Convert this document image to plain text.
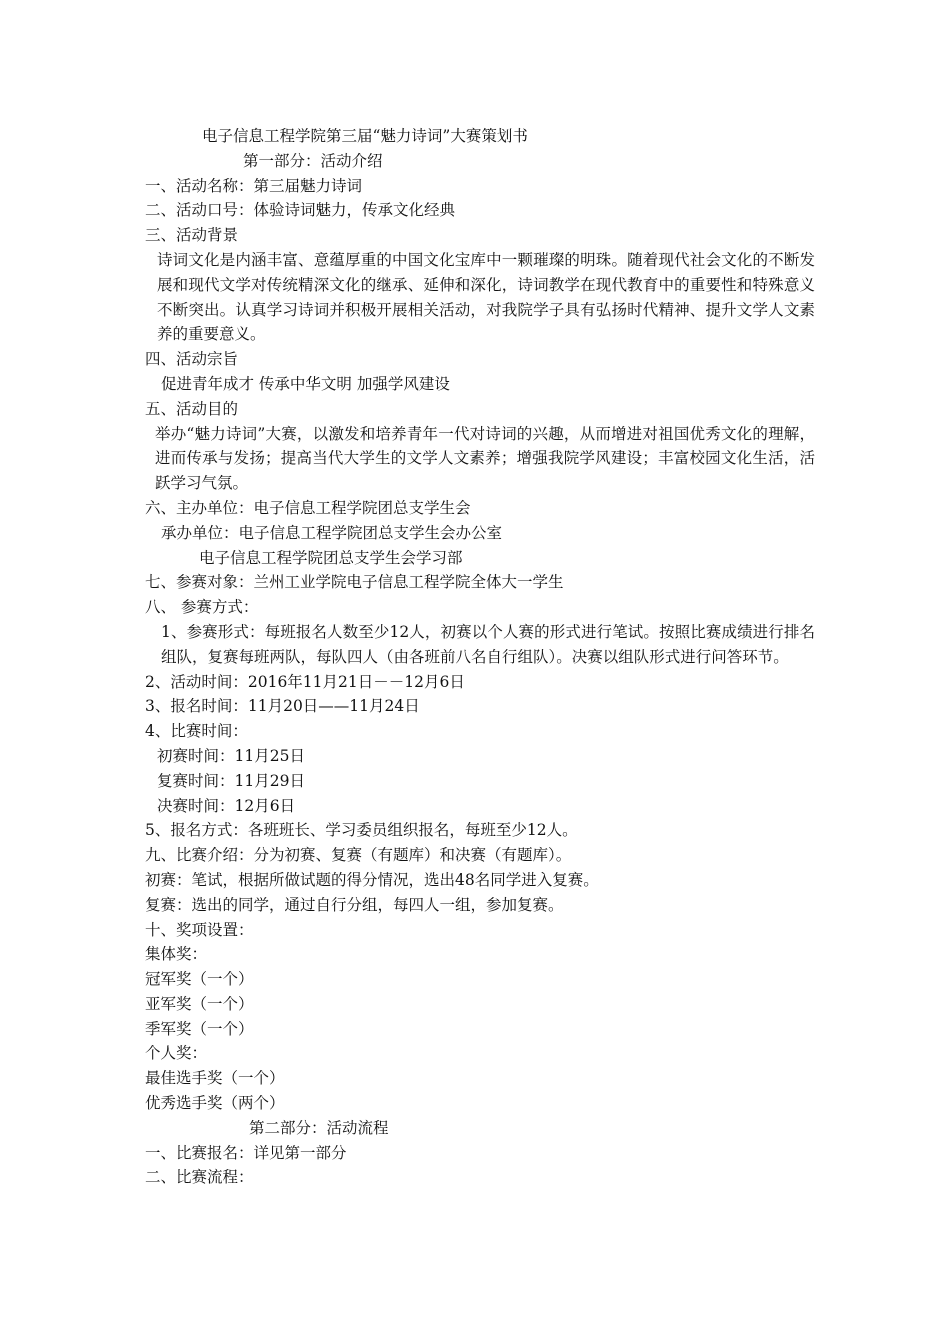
电子信息工程学院第三届“魅力诗词”大赛策划书
第一部分：活动介绍
一、活动名称：第三届魅力诗词
二、活动口号：体验诗词魅力，传承文化经典
三、活动背景
诗词文化是内涵丰富、意蕴厚重的中国文化宝库中一颗璀璨的明珠。随着现代社会文化的不断发展和现代文学对传统精深文化的继承、延伸和深化，诗词教学在现代教育中的重要性和特殊意义不断突出。认真学习诗词并积极开展相关活动，对我院学子具有弘扬时代精神、提升文学人文素养的重要意义。
四、活动宗旨
促进青年成才 传承中华文明 加强学风建设
五、活动目的
举办“魅力诗词”大赛，以激发和培养青年一代对诗词的兴趣，从而增进对祖国优秀文化的理解，进而传承与发扬；提高当代大学生的文学人文素养；增强我院学风建设；丰富校园文化生活，活跃学习气氛。
六、主办单位：电子信息工程学院团总支学生会
承办单位：电子信息工程学院团总支学生会办公室
电子信息工程学院团总支学生会学习部
七、参赛对象：兰州工业学院电子信息工程学院全体大一学生
八、 参赛方式：
1、参赛形式：每班报名人数至少12人，初赛以个人赛的形式进行笔试。按照比赛成绩进行排名组队，复赛每班两队，每队四人（由各班前八名自行组队）。决赛以组队形式进行问答环节。
2、活动时间：2016年11月21日－－12月6日
3、报名时间：11月20日——11月24日
4、比赛时间：
初赛时间：11月25日
复赛时间：11月29日
决赛时间：12月6日
5、报名方式：各班班长、学习委员组织报名，每班至少12人。
九、比赛介绍：分为初赛、复赛（有题库）和决赛（有题库）。
初赛：笔试，根据所做试题的得分情况，选出48名同学进入复赛。
复赛：选出的同学，通过自行分组，每四人一组，参加复赛。
十、奖项设置：
集体奖：
冠军奖（一个）
亚军奖（一个）
季军奖（一个）
个人奖：
最佳选手奖（一个）
优秀选手奖（两个）
第二部分：活动流程
一、比赛报名：详见第一部分
二、比赛流程：
